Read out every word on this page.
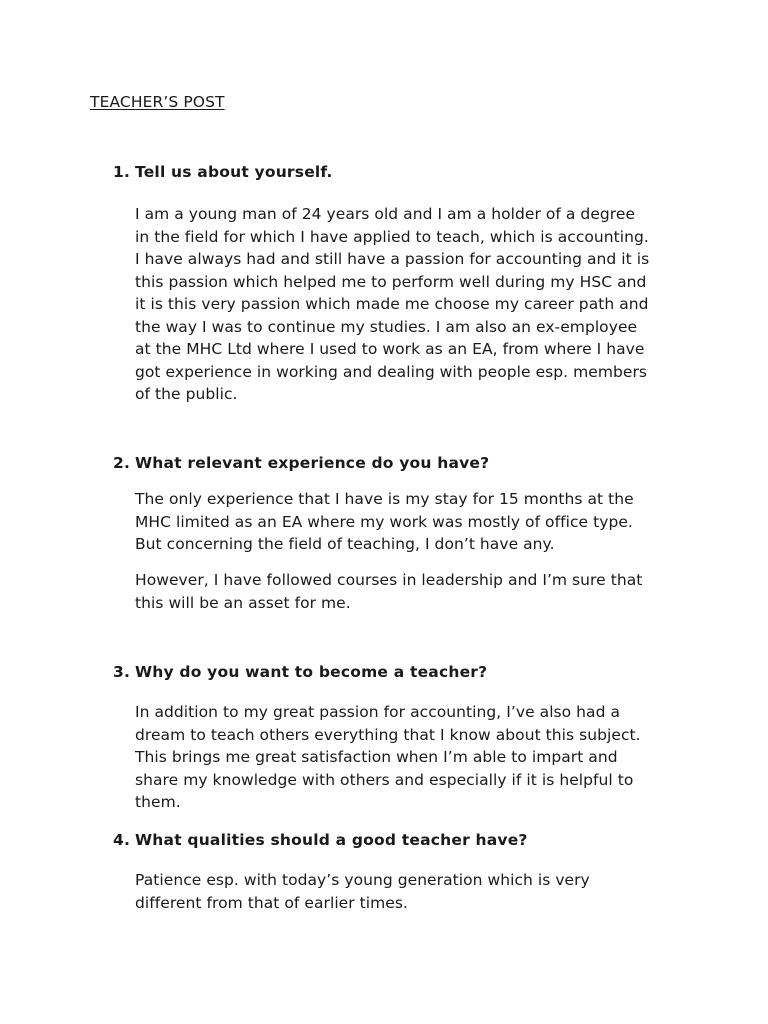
TEACHER’S POST
1. Tell us about yourself.
I am a young man of 24 years old and I am a holder of a degree
in the field for which I have applied to teach, which is accounting.
I have always had and still have a passion for accounting and it is
this passion which helped me to perform well during my HSC and
it is this very passion which made me choose my career path and
the way I was to continue my studies. I am also an ex-employee
at the MHC Ltd where I used to work as an EA, from where I have
got experience in working and dealing with people esp. members
of the public.
2. What relevant experience do you have?
The only experience that I have is my stay for 15 months at the
MHC limited as an EA where my work was mostly of office type.
But concerning the field of teaching, I don’t have any.
However, I have followed courses in leadership and I’m sure that
this will be an asset for me.
3. Why do you want to become a teacher?
In addition to my great passion for accounting, I’ve also had a
dream to teach others everything that I know about this subject.
This brings me great satisfaction when I’m able to impart and
share my knowledge with others and especially if it is helpful to
them.
4. What qualities should a good teacher have?
Patience esp. with today’s young generation which is very
different from that of earlier times.
